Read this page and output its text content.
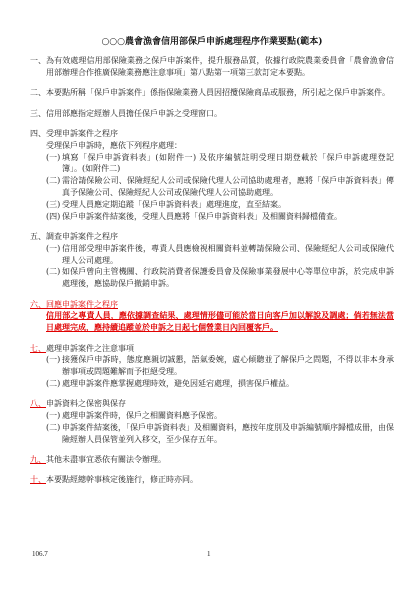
○○○農會漁會信用部保戶申訴處理程序作業要點(範本)
一、 為有效處理信用部保險業務之保戶申訴案件，提升服務品質，依據行政院農業委員會「農會漁會信用部辦理合作推廣保險業務應注意事項」第八點第一項第三款訂定本要點。
二、 本要點所稱「保戶申訴案件」係指保險業務人員因招攬保險商品或服務，所引起之保戶申訴案件。
三、 信用部應指定經辦人員擔任保戶申訴之受理窗口。
四、 受理申訴案件之程序
受理保戶申訴時，應依下列程序處理：
(一) 填寫「保戶申訴資料表」(如附件一) 及依序編號註明受理日期登載於「保戶申訴處理登記簿」。(如附件二)
(二) 需洽請保險公司、保險經紀人公司或保險代理人公司協助處理者，應將「保戶申訴資料表」傳真予保險公司、保險經紀人公司或保險代理人公司協助處理。
(三) 受理人員應定期追蹤「保戶申訴資料表」處理進度，直至結案。
(四) 保戶申訴案件結案後，受理人員應將「保戶申訴資料表」及相關資料歸檔備查。
五、 調查申訴案件之程序
(一) 信用部受理申訴案件後，專責人員應檢視相關資料並轉請保險公司、保險經紀人公司或保險代理人公司處理。
(二) 如保戶曾向主管機關、行政院消費者保護委員會及保險事業發展中心等單位申訴，於完成申訴處理後，應協助保戶撤銷申訴。
六、 回應申訴案件之程序
信用部之專責人員，應依據調查結果、處理情形儘可能於當日向客戶加以解說及調處；倘若無法當日處理完成，應持續追蹤並於申訴之日起七個營業日內回覆客戶。
七、 處理申訴案件之注意事項
(一) 接獲保戶申訴時，態度應親切誠懇，語氣委婉，虛心傾聽並了解保戶之問題，不得以非本身承辦事項或問題難解而予拒絕受理。
(二) 處理申訴案件應掌握處理時效，避免因延宕處理，損害保戶權益。
八、 申訴資料之保密與保存
(一) 處理申訴案件時，保戶之相關資料應予保密。
(二) 申訴案件結案後，「保戶申訴資料表」及相關資料，應按年度別及申訴編號順序歸檔成冊，由保險經辦人員保管並列入移交，至少保存五年。
九、 其他未盡事宜悉依有關法令辦理。
十、 本要點經總幹事核定後施行，修正時亦同。
106.7	1
